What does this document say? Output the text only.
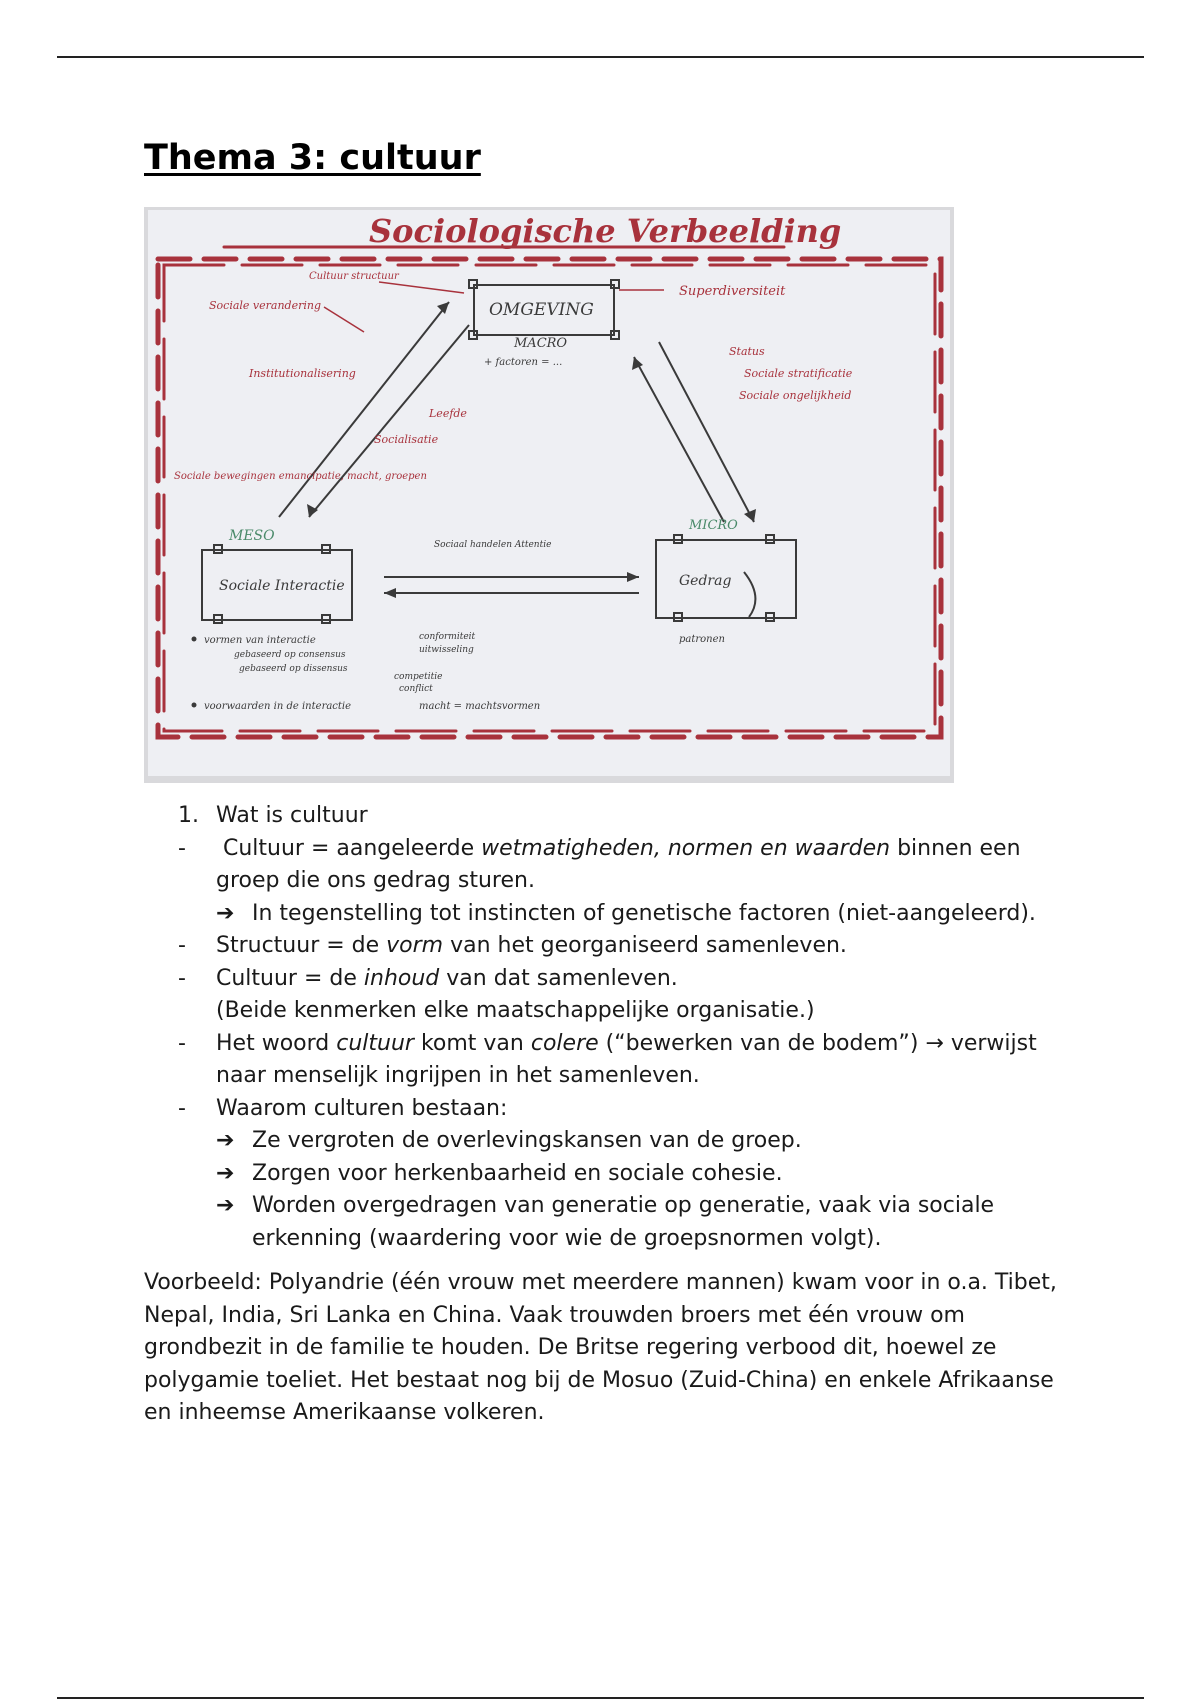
Thema 3: cultuur
Sociologische Verbeelding
OMGEVING
MACRO
+ factoren = ...
Cultuur structuur
Sociale verandering
Superdiversiteit
Status
Sociale stratificatie
Sociale ongelijkheid
Institutionalisering
Leefde
Socialisatie
Sociale bewegingen emancipatie, macht, groepen
MESO
Sociale Interactie
Sociaal handelen Attentie
MICRO
Gedrag
patronen
vormen van interactie
gebaseerd op consensus
gebaseerd op dissensus
conformiteit
uitwisseling
competitie
conflict
voorwaarden in de interactie	macht = machtsvormen
1. Wat is cultuur
- Cultuur = aangeleerde wetmatigheden, normen en waarden binnen een groep die ons gedrag sturen.
➔ In tegenstelling tot instincten of genetische factoren (niet-aangeleerd).
- Structuur = de vorm van het georganiseerd samenleven.
- Cultuur = de inhoud van dat samenleven.
(Beide kenmerken elke maatschappelijke organisatie.)
- Het woord cultuur komt van colere (“bewerken van de bodem”) → verwijst naar menselijk ingrijpen in het samenleven.
- Waarom culturen bestaan:
➔ Ze vergroten de overlevingskansen van de groep.
➔ Zorgen voor herkenbaarheid en sociale cohesie.
➔ Worden overgedragen van generatie op generatie, vaak via sociale erkenning (waardering voor wie de groepsnormen volgt).

Voorbeeld: Polyandrie (één vrouw met meerdere mannen) kwam voor in o.a. Tibet, Nepal, India, Sri Lanka en China. Vaak trouwden broers met één vrouw om grondbezit in de familie te houden. De Britse regering verbood dit, hoewel ze polygamie toeliet. Het bestaat nog bij de Mosuo (Zuid-China) en enkele Afrikaanse en inheemse Amerikaanse volkeren.
